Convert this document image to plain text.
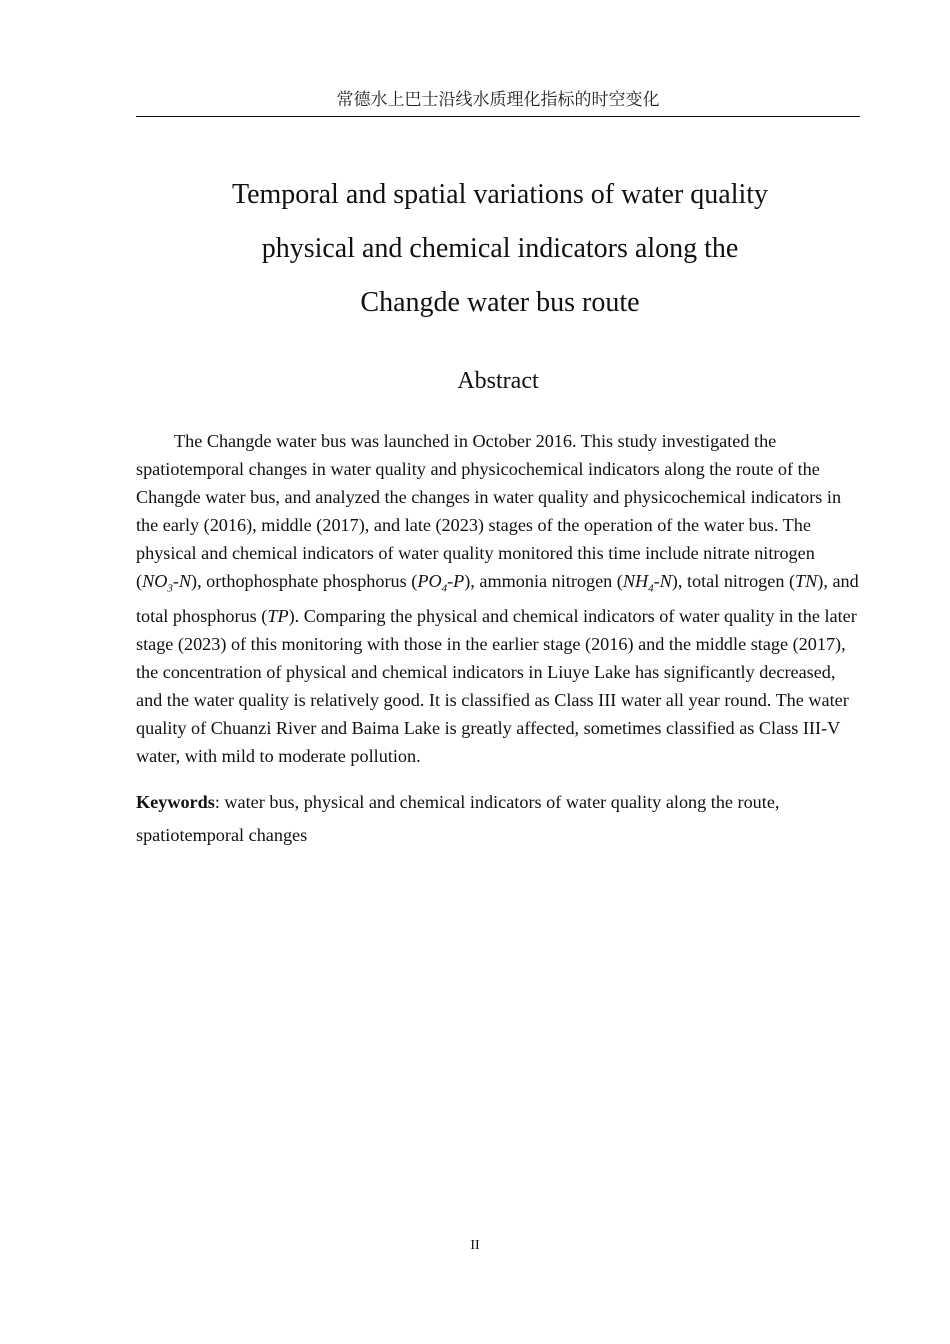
常德水上巴士沿线水质理化指标的时空变化
Temporal and spatial variations of water quality
physical and chemical indicators along the
Changde water bus route
Abstract

The Changde water bus was launched in October 2016. This study investigated the spatiotemporal changes in water quality and physicochemical indicators along the route of the Changde water bus, and analyzed the changes in water quality and physicochemical indicators in the early (2016), middle (2017), and late (2023) stages of the operation of the water bus. The physical and chemical indicators of water quality monitored this time include nitrate nitrogen $(NO_3-N)$, orthophosphate phosphorus $(PO_4-P)$, ammonia nitrogen $(NH_4-N)$, total nitrogen (TN), and total phosphorus (TP). Comparing the physical and chemical indicators of water quality in the later stage (2023) of this monitoring with those in the earlier stage (2016) and the middle stage (2017), the concentration of physical and chemical indicators in Liuye Lake has significantly decreased, and the water quality is relatively good. It is classified as Class III water all year round. The water quality of Chuanzi River and Baima Lake is greatly affected, sometimes classified as Class III-V water, with mild to moderate pollution.

Keywords: water bus, physical and chemical indicators of water quality along the route, spatiotemporal changes

II
